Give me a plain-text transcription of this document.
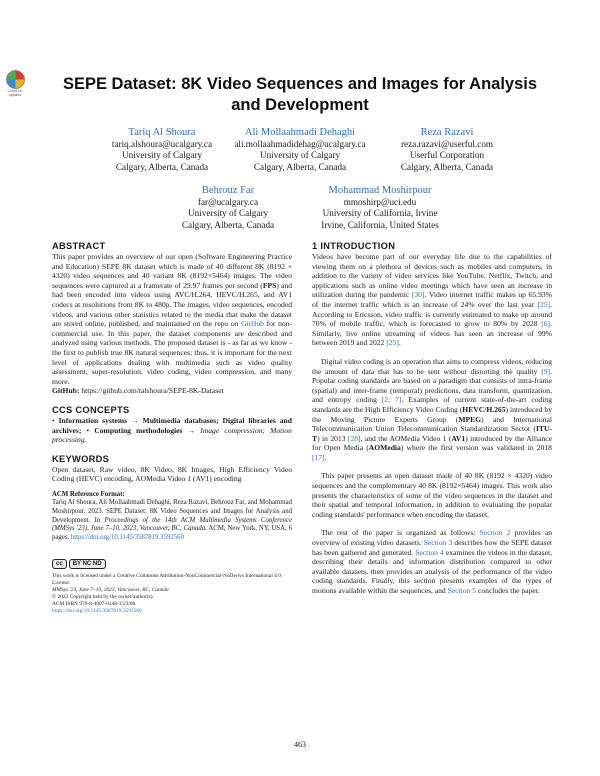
Check for updates
SEPE Dataset: 8K Video Sequences and Images for Analysis and Development
Tariq Al Shoura
tariq.alshoura@ucalgary.ca
University of Calgary
Calgary, Alberta, Canada
Ali Mollaahmadi Dehaghi
ali.mollaahmadidehag@ucalgary.ca
University of Calgary
Calgary, Alberta, Canada
Reza Razavi
reza.razavi@userful.com
Userful Corporation
Calgary, Alberta, Canada
Behrouz Far
far@ucalgary.ca
University of Calgary
Calgary, Alberta, Canada
Mohammad Moshirpour
mmoshirp@uci.edu
University of California, Irvine
Irvine, California, United States
ABSTRACT

This paper provides an overview of our open (Software Engineering Practice and Education) SEPE 8K dataset which is made of 40 different 8K (8192 × 4320) video sequences and 40 variant 8K (8192×5464) images. The video sequences were captured at a framerate of 29.97 frames per second (FPS) and had been encoded into videos using AVC/H.264, HEVC/H.265, and AV1 codecs at resolutions from 8K to 480p. The images, video sequences, encoded videos, and various other statistics related to the media that make the dataset are stored online, published, and maintained on the repo on GitHub for non-commercial use. In this paper, the dataset components are described and analyzed using various methods. The proposed dataset is - as far as we know - the first to publish true 8K natural sequences; thus, it is important for the next level of applications dealing with multimedia such as video quality assessment, super-resolution, video coding, video compression, and many more.

GitHub: https://github.com/talshoura/SEPE-8K-Dataset

CCS CONCEPTS

• Information systems → Multimedia databases; Digital libraries and archives; • Computing methodologies → Image compression; Motion processing.

KEYWORDS

Open dataset, Raw video, 8K Video, 8K Images, High Efficiency Video Coding (HEVC) encoding, AOMedia Video 1 (AV1) encoding

ACM Reference Format:
Tariq Al Shoura, Ali Mollaahmadi Dehaghi, Reza Razavi, Behrouz Far, and Mohammad Moshirpour. 2023. SEPE Dataset: 8K Video Sequences and Images for Analysis and Development. In Proceedings of the 14th ACM Multimedia Systems Conference (MMSys '23), June 7–10, 2023, Vancouver, BC, Canada. ACM, New York, NY, USA, 6 pages. https://doi.org/10.1145/3587819.3592560

cc BY NC ND

This work is licensed under a Creative Commons Attribution-NonCommercial-NoDerivs International 4.0 License.
MMSys '23, June 7–10, 2023, Vancouver, BC, Canada
© 2023 Copyright held by the owner/author(s).
ACM ISBN 979-8-4007-0148-1/23/06.
https://doi.org/10.1145/3587819.3592560

1 INTRODUCTION

Videos have become part of our everyday life due to the capabilities of viewing them on a plethora of devices such as mobiles and computers, in addition to the variety of video services like YouTube, Netflix, Twitch, and applications such as online video meetings which have seen an increase in utilization during the pandemic [30]. Video internet traffic makes up 65.93% of the internet traffic which is an increase of 24% over the last year [25]. According to Ericsson, video traffic is currently estimated to make up around 70% of mobile traffic, which is forecasted to grow to 80% by 2028 [6]. Similarly, live online streaming of videos has seen an increase of 99% between 2019 and 2022 [25].

Digital video coding is an operation that aims to compress videos, reducing the amount of data that has to be sent without distorting the quality [9]. Popular coding standards are based on a paradigm that consists of intra-frame (spatial) and inter-frame (temporal) predictions, data transform, quantization, and entropy coding [2, 7]. Examples of current state-of-the-art coding standards are the High Efficiency Video Coding (HEVC/H.265) introduced by the Moving Picture Experts Group (MPEG) and International Telecommunication Union Telecommunication Standardization Sector (ITU-T) in 2013 [28], and the AOMedia Video 1 (AV1) introduced by the Alliance for Open Media (AOMedia) where the first version was validated in 2018 [17].

This paper presents an open dataset made of 40 8K (8192 × 4320) video sequences and the complementary 40 8K (8192×5464) images. This work also presents the characteristics of some of the video sequences in the dataset and their spatial and temporal information, in addition to evaluating the popular coding standards' performance when encoding the dataset.

The rest of the paper is organized as follows: Section 2 provides an overview of existing video datasets. Section 3 describes how the SEPE dataset has been gathered and generated. Section 4 examines the videos in the dataset, describing their details and information distribution compared to other available datasets, then provides an analysis of the performance of the video coding standards. Finally, this section presents examples of the types of motions available within the sequences, and Section 5 concludes the paper.

463
